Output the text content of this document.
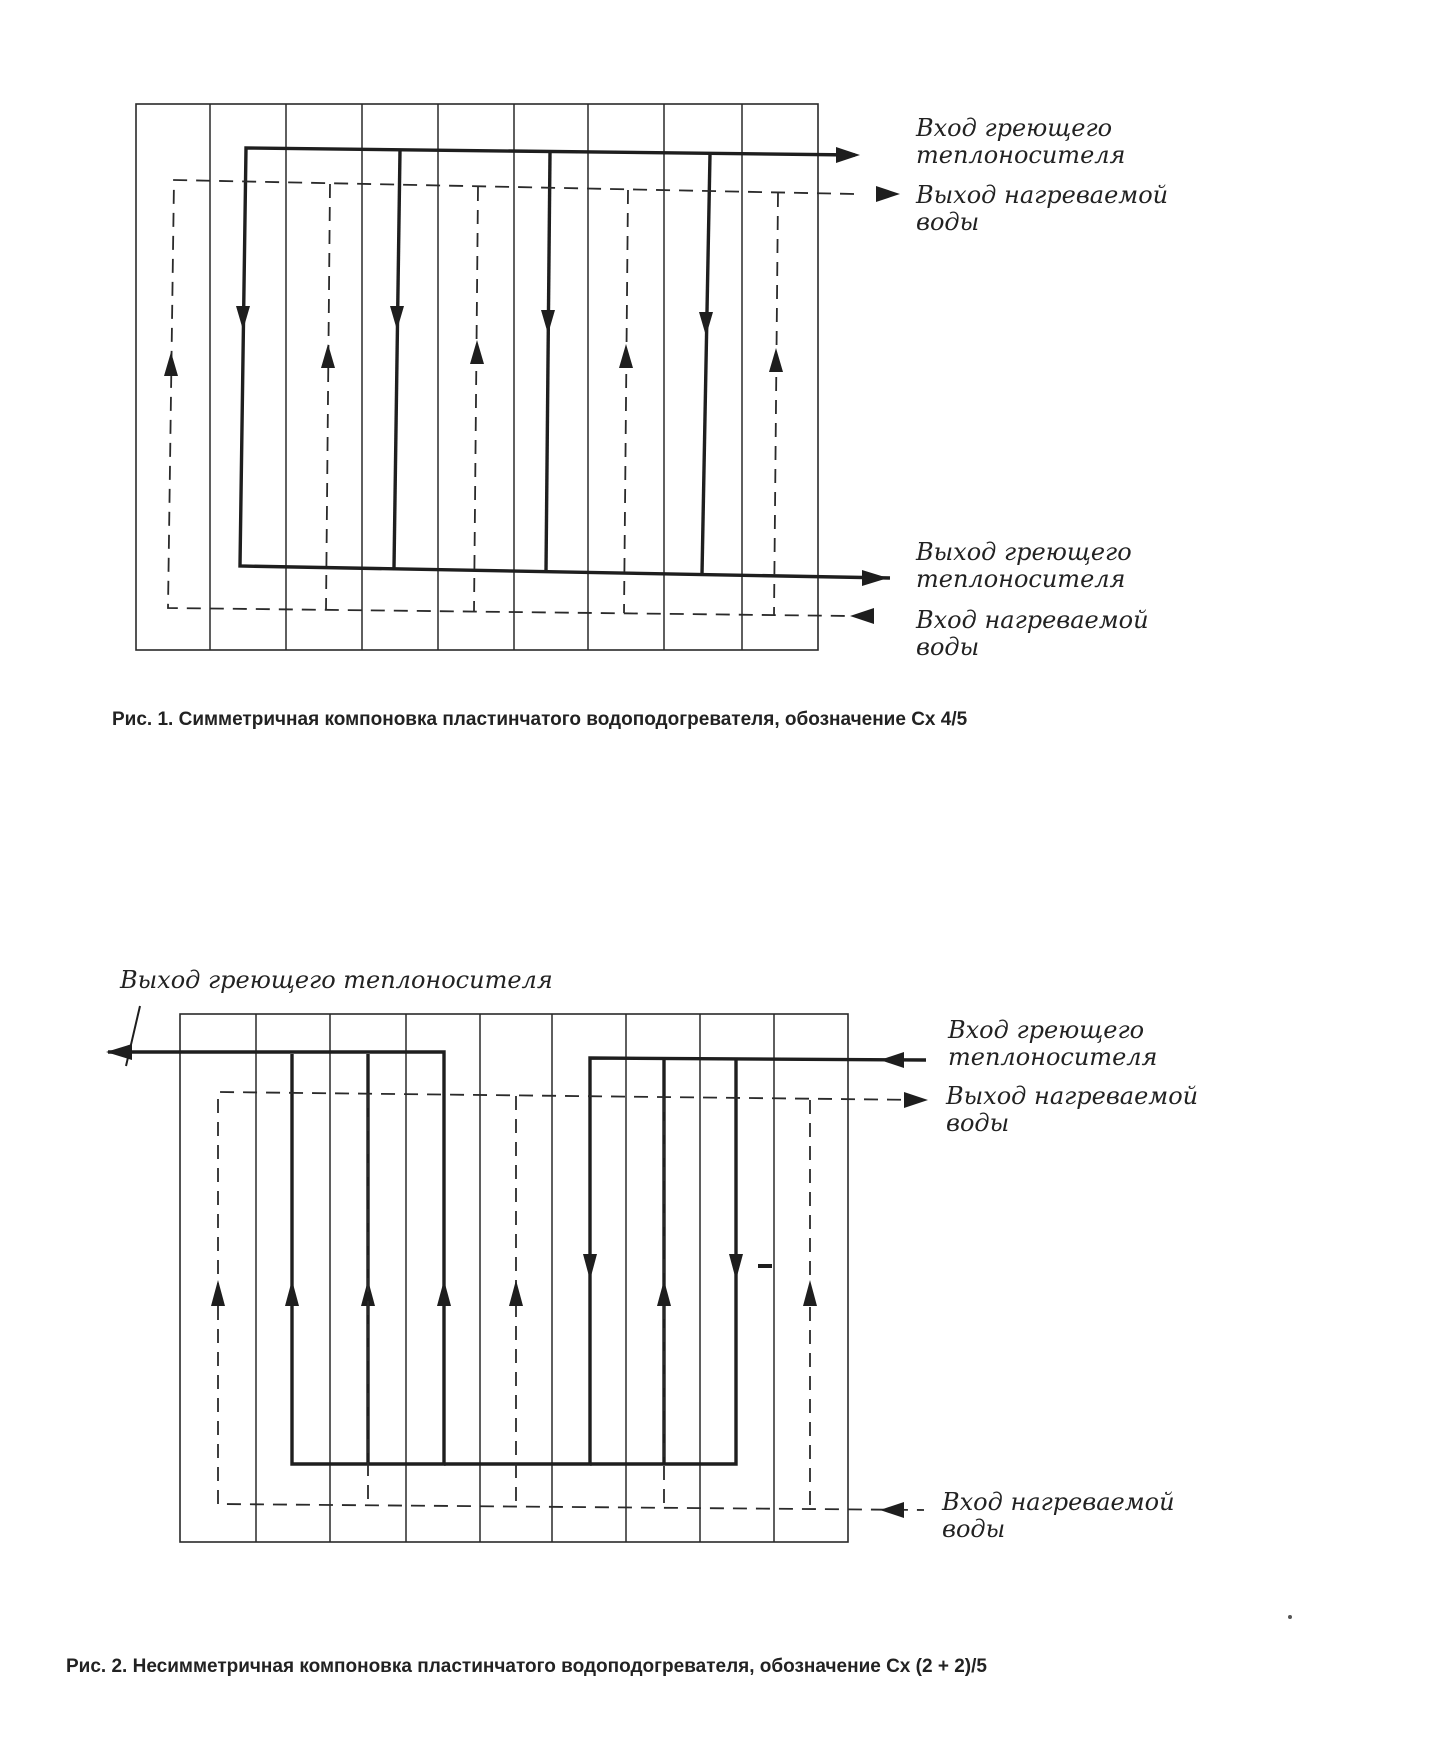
Вход греющего
теплоносителя
Выход нагреваемой
воды
Выход греющего
теплоносителя
Вход нагреваемой
воды
Рис. 1. Симметричная компоновка пластинчатого водоподогревателя, обозначение Сх 4/5
Выход греющего теплоносителя
Вход греющего
теплоносителя
Выход нагреваемой
воды
Вход нагреваемой
воды
Рис. 2. Несимметричная компоновка пластинчатого водоподогревателя, обозначение Сх (2 + 2)/5
